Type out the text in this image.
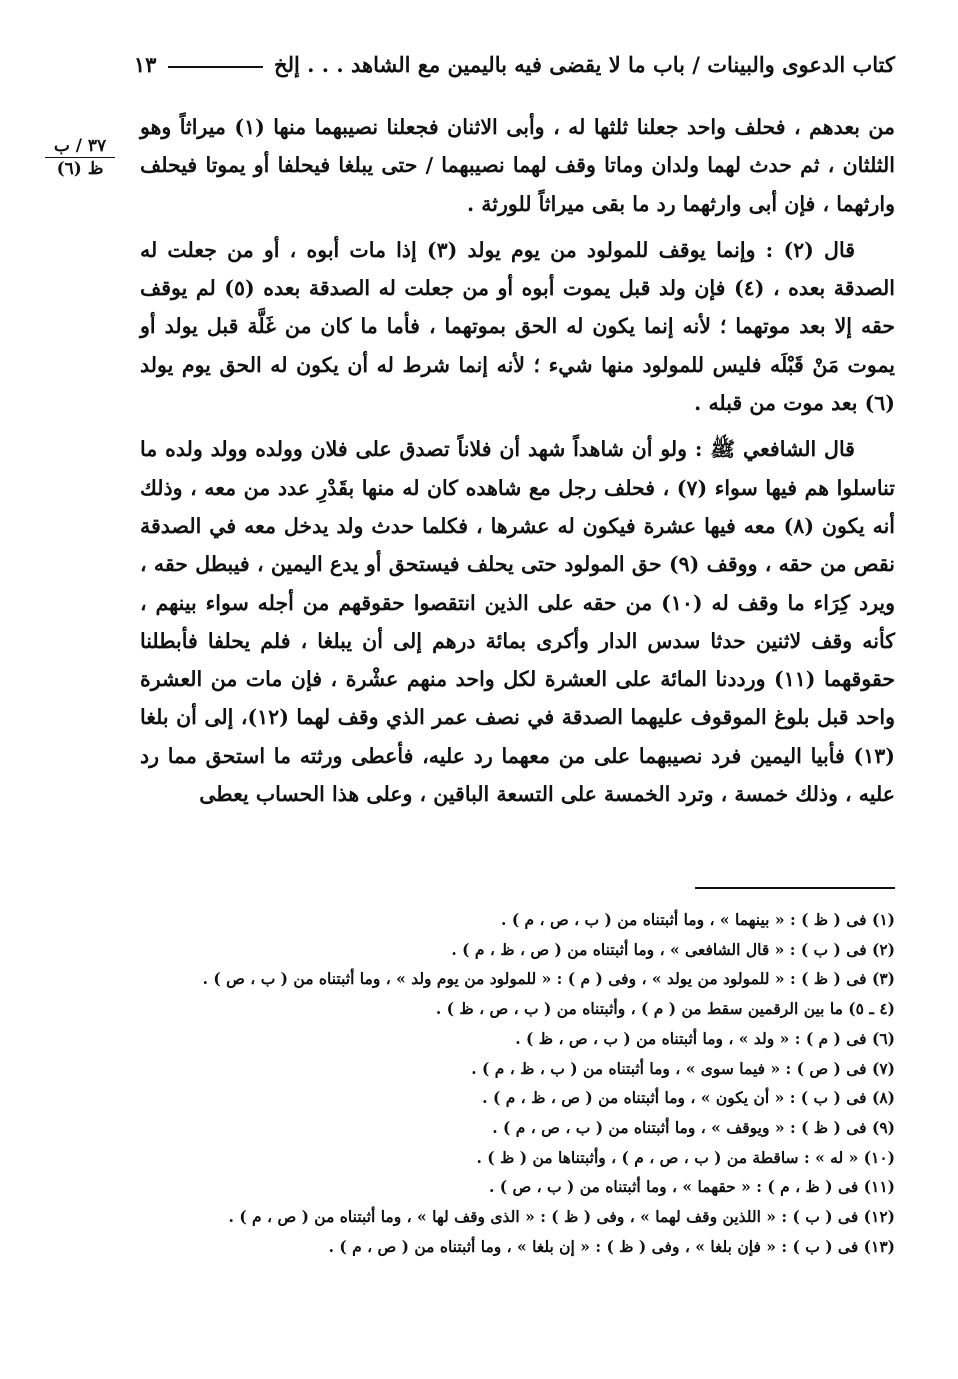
كتاب الدعوى والبينات / باب ما لا يقضى فيه باليمين مع الشاهد . . . إلخ  ١٣
٣٧ / ب
ظ (٦)

من بعدهم ، فحلف واحد جعلنا ثلثها له ، وأبى الاثنان فجعلنا نصيبهما منها (١) ميراثاً وهو الثلثان ، ثم حدث لهما ولدان وماتا وقف لهما نصيبهما / حتى يبلغا فيحلفا أو يموتا فيحلف وارثهما ، فإن أبى وارثهما رد ما بقى ميراثاً للورثة .

قال (٢) : وإنما يوقف للمولود من يوم يولد (٣) إذا مات أبوه ، أو من جعلت له الصدقة بعده ، (٤) فإن ولد قبل يموت أبوه أو من جعلت له الصدقة بعده (٥) لم يوقف حقه إلا بعد موتهما ؛ لأنه إنما يكون له الحق بموتهما ، فأما ما كان من غَلَّة قبل يولد أو يموت مَنْ قَبْلَه فليس للمولود منها شيء ؛ لأنه إنما شرط له أن يكون له الحق يوم يولد (٦) بعد موت من قبله .

قال الشافعي ﷺ : ولو أن شاهداً شهد أن فلاناً تصدق على فلان وولده وولد ولده ما تناسلوا هم فيها سواء (٧) ، فحلف رجل مع شاهده كان له منها بقَدْرِ عدد من معه ، وذلك أنه يكون (٨) معه فيها عشرة فيكون له عشرها ، فكلما حدث ولد يدخل معه في الصدقة نقص من حقه ، ووقف (٩) حق المولود حتى يحلف فيستحق أو يدع اليمين ، فيبطل حقه ، ويرد كِرَاء ما وقف له (١٠) من حقه على الذين انتقصوا حقوقهم من أجله سواء بينهم ، كأنه وقف لاثنين حدثا سدس الدار وأكرى بمائة درهم إلى أن يبلغا ، فلم يحلفا فأبطلنا حقوقهما (١١) ورددنا المائة على العشرة لكل واحد منهم عشْرة ، فإن مات من العشرة واحد قبل بلوغ الموقوف عليهما الصدقة في نصف عمر الذي وقف لهما (١٢)، إلى أن بلغا (١٣) فأبيا اليمين فرد نصيبهما على من معهما رد عليه، فأعطى ورثته ما استحق مما رد عليه ، وذلك خمسة ، وترد الخمسة على التسعة الباقين ، وعلى هذا الحساب يعطى

(١) فى ( ظ ) : « بينهما » ، وما أثبتناه من ( ب ، ص ، م ) .
(٢) فى ( ب ) : « قال الشافعى » ، وما أثبتناه من ( ص ، ظ ، م ) .
(٣) فى ( ظ ) : « للمولود من يولد » ، وفى ( م ) : « للمولود من يوم ولد » ، وما أثبتناه من ( ب ، ص ) .
(٤ ـ ٥) ما بين الرقمين سقط من ( م ) ، وأثبتناه من ( ب ، ص ، ظ ) .
(٦) فى ( م ) : « ولد » ، وما أثبتناه من ( ب ، ص ، ظ ) .
(٧) فى ( ص ) : « فيما سوى » ، وما أثبتناه من ( ب ، ظ ، م ) .
(٨) فى ( ب ) : « أن يكون » ، وما أثبتناه من ( ص ، ظ ، م ) .
(٩) فى ( ظ ) : « ويوقف » ، وما أثبتناه من ( ب ، ص ، م ) .
(١٠) « له » : ساقطة من ( ب ، ص ، م ) ، وأثبتناها من ( ظ ) .
(١١) فى ( ظ ، م ) : « حقهما » ، وما أثبتناه من ( ب ، ص ) .
(١٢) فى ( ب ) : « اللذين وقف لهما » ، وفى ( ظ ) : « الذى وقف لها » ، وما أثبتناه من ( ص ، م ) .
(١٣) فى ( ب ) : « فإن بلغا » ، وفى ( ظ ) : « إن بلغا » ، وما أثبتناه من ( ص ، م ) .
